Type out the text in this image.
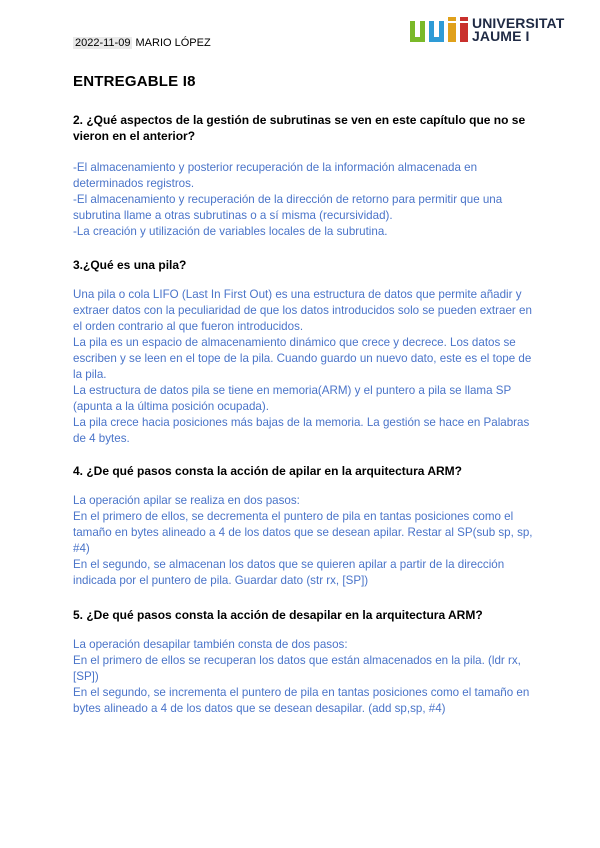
2022-11-09 MARIO LÓPEZ
UNIVERSITAT
JAUME I
ENTREGABLE I8

2. ¿Qué aspectos de la gestión de subrutinas se ven en este capítulo que no se vieron en el anterior?

-El almacenamiento y posterior recuperación de la información almacenada en determinados registros.
-El almacenamiento y recuperación de la dirección de retorno para permitir que una subrutina llame a otras subrutinas o a sí misma (recursividad).
-La creación y utilización de variables locales de la subrutina.

3.¿Qué es una pila?

Una pila o cola LIFO (Last In First Out) es una estructura de datos que permite añadir y extraer datos con la peculiaridad de que los datos introducidos solo se pueden extraer en el orden contrario al que fueron introducidos.
La pila es un espacio de almacenamiento dinámico que crece y decrece. Los datos se escriben y se leen en el tope de la pila. Cuando guardo un nuevo dato, este es el tope de la pila.
La estructura de datos pila se tiene en memoria(ARM) y el puntero a pila se llama SP (apunta a la última posición ocupada).
La pila crece hacia posiciones más bajas de la memoria. La gestión se hace en Palabras de 4 bytes.

4. ¿De qué pasos consta la acción de apilar en la arquitectura ARM?

La operación apilar se realiza en dos pasos:
En el primero de ellos, se decrementa el puntero de pila en tantas posiciones como el tamaño en bytes alineado a 4 de los datos que se desean apilar. Restar al SP(sub sp, sp, #4)
En el segundo, se almacenan los datos que se quieren apilar a partir de la dirección indicada por el puntero de pila. Guardar dato (str rx, [SP])

5. ¿De qué pasos consta la acción de desapilar en la arquitectura ARM?

La operación desapilar también consta de dos pasos:
En el primero de ellos se recuperan los datos que están almacenados en la pila. (ldr rx, [SP])
En el segundo, se incrementa el puntero de pila en tantas posiciones como el tamaño en bytes alineado a 4 de los datos que se desean desapilar. (add sp,sp, #4)
